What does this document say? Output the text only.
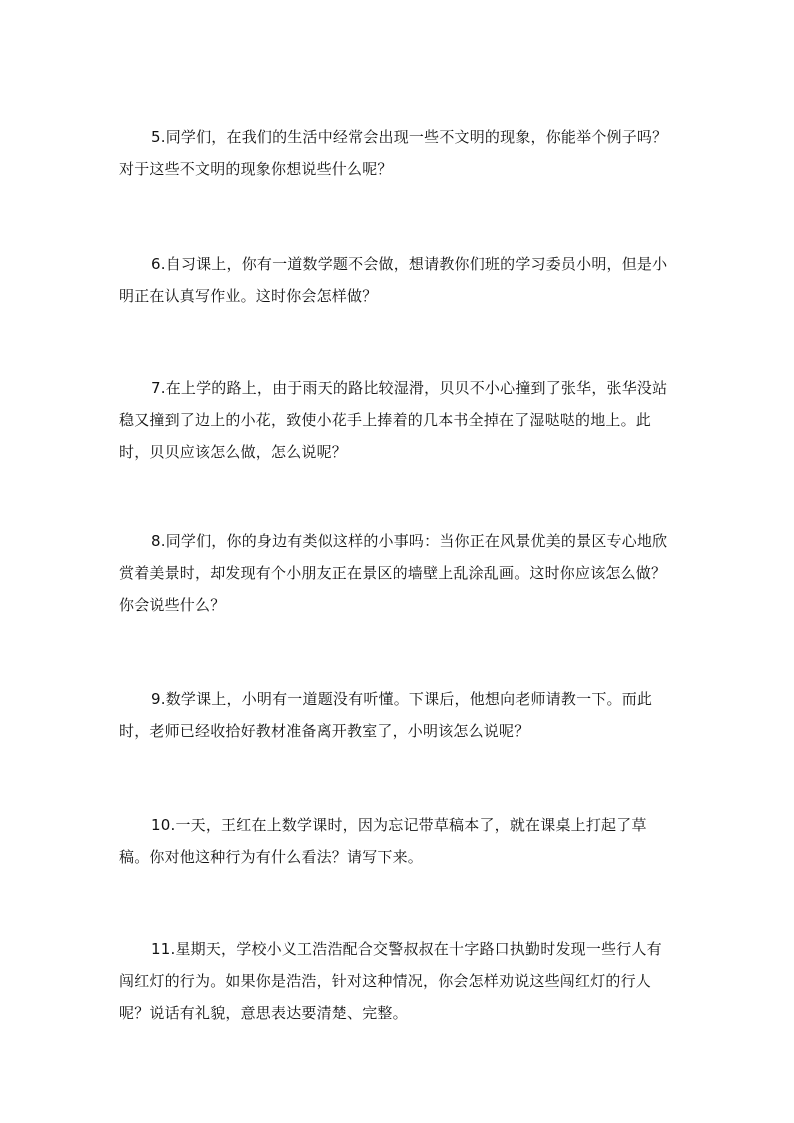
5.同学们，在我们的生活中经常会出现一些不文明的现象，你能举个例子吗？对于这些不文明的现象你想说些什么呢？

6.自习课上，你有一道数学题不会做，想请教你们班的学习委员小明，但是小明正在认真写作业。这时你会怎样做？

7.在上学的路上，由于雨天的路比较湿滑，贝贝不小心撞到了张华，张华没站稳又撞到了边上的小花，致使小花手上捧着的几本书全掉在了湿哒哒的地上。此时，贝贝应该怎么做，怎么说呢？

8.同学们，你的身边有类似这样的小事吗：当你正在风景优美的景区专心地欣赏着美景时，却发现有个小朋友正在景区的墙壁上乱涂乱画。这时你应该怎么做？你会说些什么？

9.数学课上，小明有一道题没有听懂。下课后，他想向老师请教一下。而此时，老师已经收拾好教材准备离开教室了，小明该怎么说呢？

10.一天，王红在上数学课时，因为忘记带草稿本了，就在课桌上打起了草稿。你对他这种行为有什么看法？请写下来。

11.星期天，学校小义工浩浩配合交警叔叔在十字路口执勤时发现一些行人有闯红灯的行为。如果你是浩浩，针对这种情况，你会怎样劝说这些闯红灯的行人呢？说话有礼貌，意思表达要清楚、完整。
